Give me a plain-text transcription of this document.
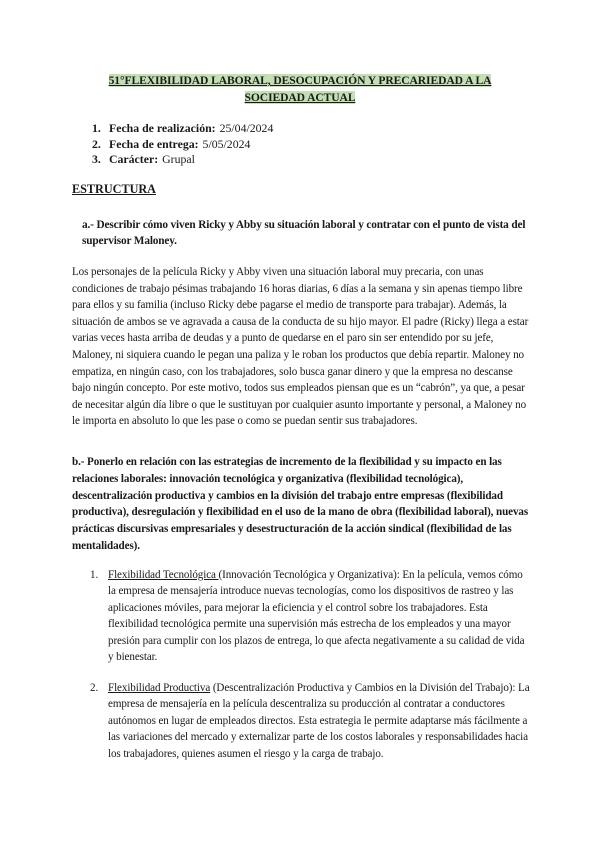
51°FLEXIBILIDAD LABORAL, DESOCUPACIÓN Y PRECARIEDAD A LA SOCIEDAD ACTUAL
1. Fecha de realización: 25/04/2024
2. Fecha de entrega: 5/05/2024
3. Carácter: Grupal
ESTRUCTURA
a.- Describir cómo viven Ricky y Abby su situación laboral y contratar con el punto de vista del supervisor Maloney.
Los personajes de la película Ricky y Abby viven una situación laboral muy precaria, con unas condiciones de trabajo pésimas trabajando 16 horas diarias, 6 días a la semana y sin apenas tiempo libre para ellos y su familia (incluso Ricky debe pagarse el medio de transporte para trabajar). Además, la situación de ambos se ve agravada a causa de la conducta de su hijo mayor. El padre (Ricky) llega a estar varias veces hasta arriba de deudas y a punto de quedarse en el paro sin ser entendido por su jefe, Maloney, ni siquiera cuando le pegan una paliza y le roban los productos que debía repartir. Maloney no empatiza, en ningún caso, con los trabajadores, solo busca ganar dinero y que la empresa no descanse bajo ningún concepto. Por este motivo, todos sus empleados piensan que es un “cabrón”, ya que, a pesar de necesitar algún día libre o que le sustituyan por cualquier asunto importante y personal, a Maloney no le importa en absoluto lo que les pase o como se puedan sentir sus trabajadores.
b.- Ponerlo en relación con las estrategias de incremento de la flexibilidad y su impacto en las relaciones laborales: innovación tecnológica y organizativa (flexibilidad tecnológica), descentralización productiva y cambios en la división del trabajo entre empresas (flexibilidad productiva), desregulación y flexibilidad en el uso de la mano de obra (flexibilidad laboral), nuevas prácticas discursivas empresariales y desestructuración de la acción sindical (flexibilidad de las mentalidades).
1. Flexibilidad Tecnológica (Innovación Tecnológica y Organizativa): En la película, vemos cómo la empresa de mensajería introduce nuevas tecnologías, como los dispositivos de rastreo y las aplicaciones móviles, para mejorar la eficiencia y el control sobre los trabajadores. Esta flexibilidad tecnológica permite una supervisión más estrecha de los empleados y una mayor presión para cumplir con los plazos de entrega, lo que afecta negativamente a su calidad de vida y bienestar.
2. Flexibilidad Productiva (Descentralización Productiva y Cambios en la División del Trabajo): La empresa de mensajería en la película descentraliza su producción al contratar a conductores autónomos en lugar de empleados directos. Esta estrategia le permite adaptarse más fácilmente a las variaciones del mercado y externalizar parte de los costos laborales y responsabilidades hacia los trabajadores, quienes asumen el riesgo y la carga de trabajo.
